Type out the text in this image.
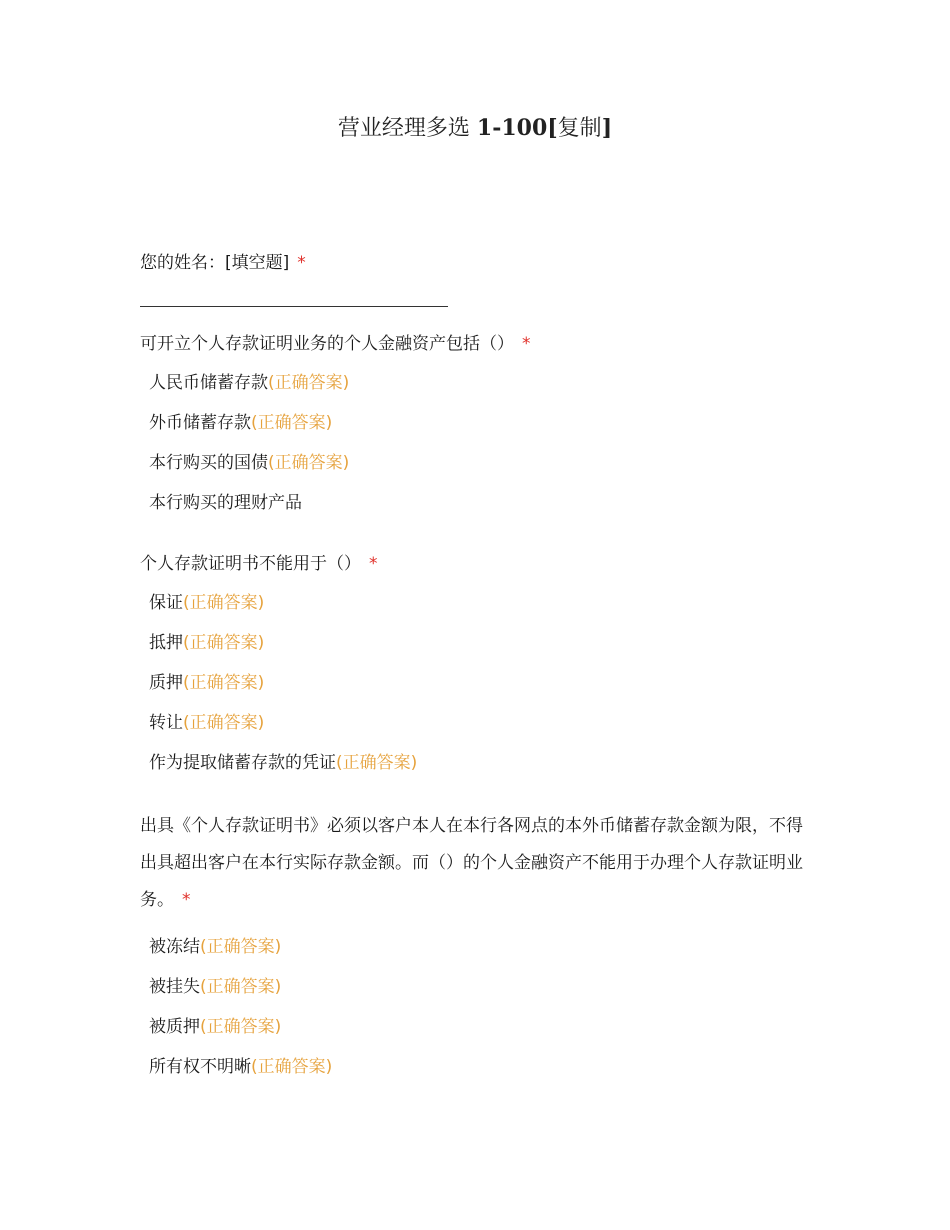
营业经理多选 1-100[复制]
您的姓名：[填空题] *
可开立个人存款证明业务的个人金融资产包括（） *
人民币储蓄存款(正确答案)
外币储蓄存款(正确答案)
本行购买的国债(正确答案)
本行购买的理财产品
个人存款证明书不能用于（） *
保证(正确答案)
抵押(正确答案)
质押(正确答案)
转让(正确答案)
作为提取储蓄存款的凭证(正确答案)
出具《个人存款证明书》必须以客户本人在本行各网点的本外币储蓄存款金额为限，不得出具超出客户在本行实际存款金额。而（）的个人金融资产不能用于办理个人存款证明业务。 *
被冻结(正确答案)
被挂失(正确答案)
被质押(正确答案)
所有权不明晰(正确答案)
